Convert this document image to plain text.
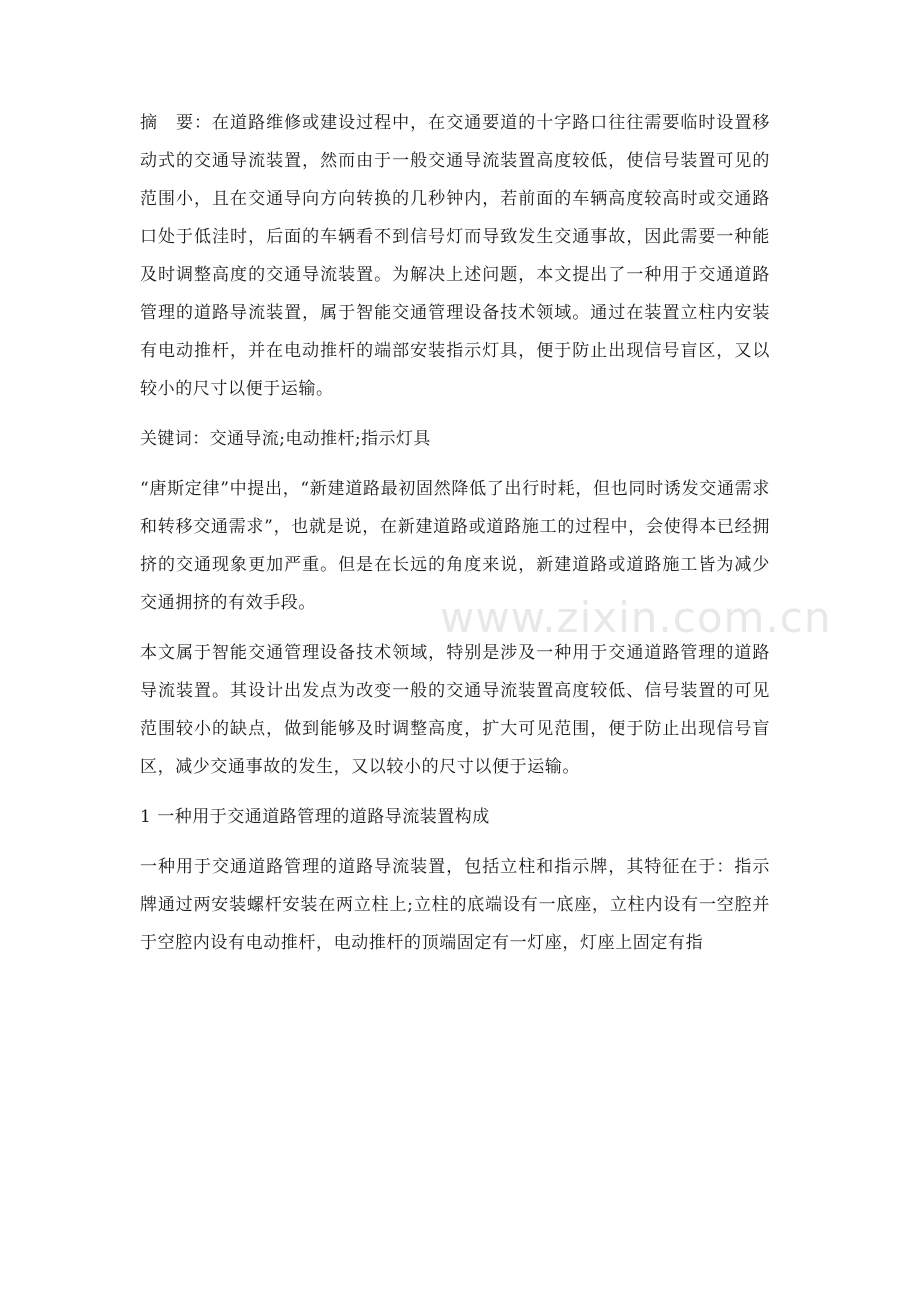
摘　要：在道路维修或建设过程中，在交通要道的十字路口往往需要临时设置移动式的交通导流装置，然而由于一般交通导流装置高度较低，使信号装置可见的范围小，且在交通导向方向转换的几秒钟内，若前面的车辆高度较高时或交通路口处于低洼时，后面的车辆看不到信号灯而导致发生交通事故，因此需要一种能及时调整高度的交通导流装置。为解决上述问题，本文提出了一种用于交通道路管理的道路导流装置，属于智能交通管理设备技术领域。通过在装置立柱内安装有电动推杆，并在电动推杆的端部安装指示灯具，便于防止出现信号盲区，又以较小的尺寸以便于运输。

关键词：交通导流;电动推杆;指示灯具

“唐斯定律”中提出，“新建道路最初固然降低了出行时耗，但也同时诱发交通需求和转移交通需求”，也就是说，在新建道路或道路施工的过程中，会使得本已经拥挤的交通现象更加严重。但是在长远的角度来说，新建道路或道路施工皆为减少交通拥挤的有效手段。

本文属于智能交通管理设备技术领域，特别是涉及一种用于交通道路管理的道路导流装置。其设计出发点为改变一般的交通导流装置高度较低、信号装置的可见范围较小的缺点，做到能够及时调整高度，扩大可见范围，便于防止出现信号盲区，减少交通事故的发生，又以较小的尺寸以便于运输。

1 一种用于交通道路管理的道路导流装置构成

一种用于交通道路管理的道路导流装置，包括立柱和指示牌，其特征在于：指示牌通过两安装螺杆安装在两立柱上;立柱的底端设有一底座，立柱内设有一空腔并于空腔内设有电动推杆，电动推杆的顶端固定有一灯座，灯座上固定有指

www.zixin.com.cn
